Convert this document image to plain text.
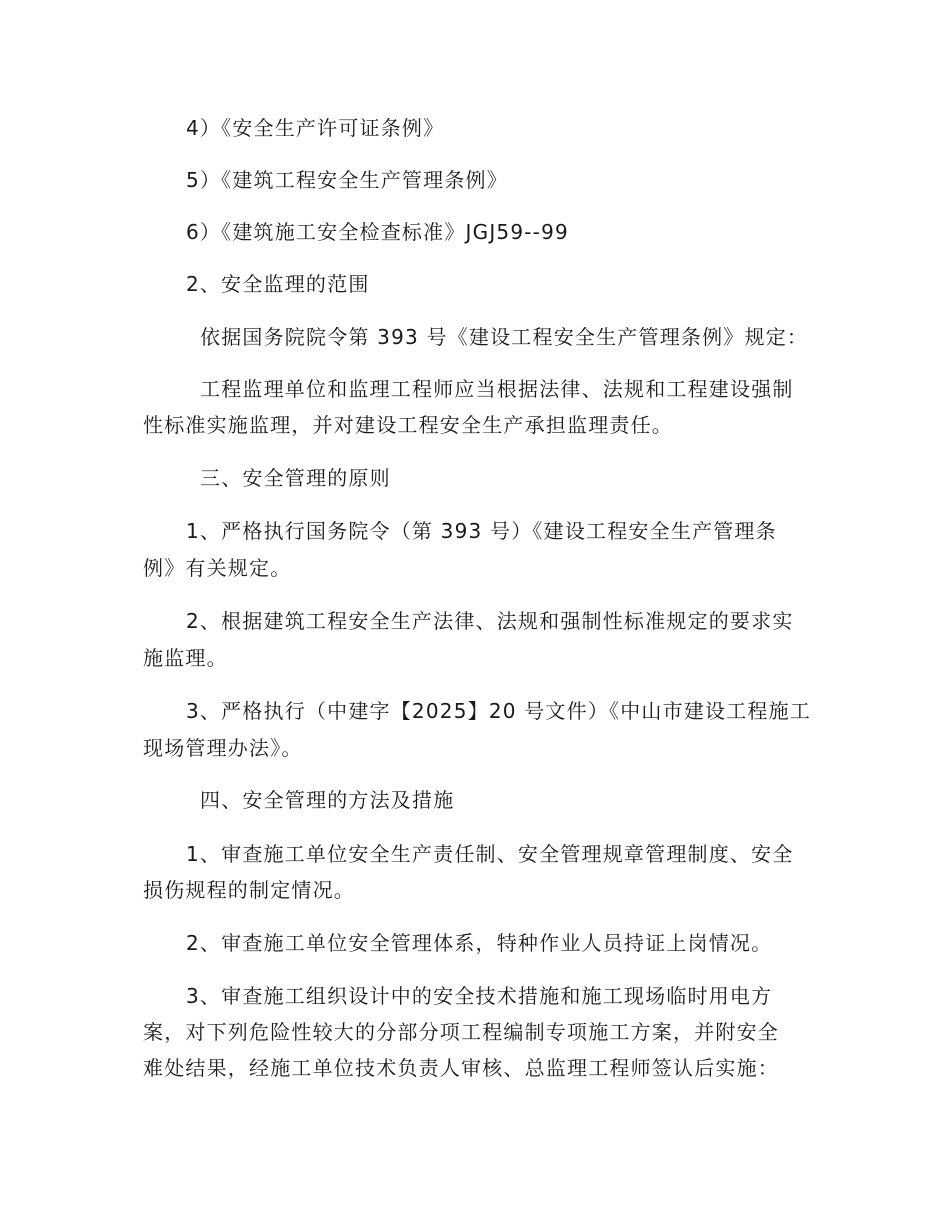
4）《安全生产许可证条例》

5）《建筑工程安全生产管理条例》

6）《建筑施工安全检查标准》JGJ59--99

2、安全监理的范围

依据国务院院令第 393 号《建设工程安全生产管理条例》规定：

工程监理单位和监理工程师应当根据法律、法规和工程建设强制

性标准实施监理，并对建设工程安全生产承担监理责任。

三、安全管理的原则

1、严格执行国务院令（第 393 号）《建设工程安全生产管理条

例》有关规定。

2、根据建筑工程安全生产法律、法规和强制性标准规定的要求实

施监理。

3、严格执行（中建字【2025】20 号文件）《中山市建设工程施工

现场管理办法》。

四、安全管理的方法及措施

1、审查施工单位安全生产责任制、安全管理规章管理制度、安全

损伤规程的制定情况。

2、审查施工单位安全管理体系，特种作业人员持证上岗情况。

3、审查施工组织设计中的安全技术措施和施工现场临时用电方

案，对下列危险性较大的分部分项工程编制专项施工方案，并附安全

难处结果，经施工单位技术负责人审核、总监理工程师签认后实施：
